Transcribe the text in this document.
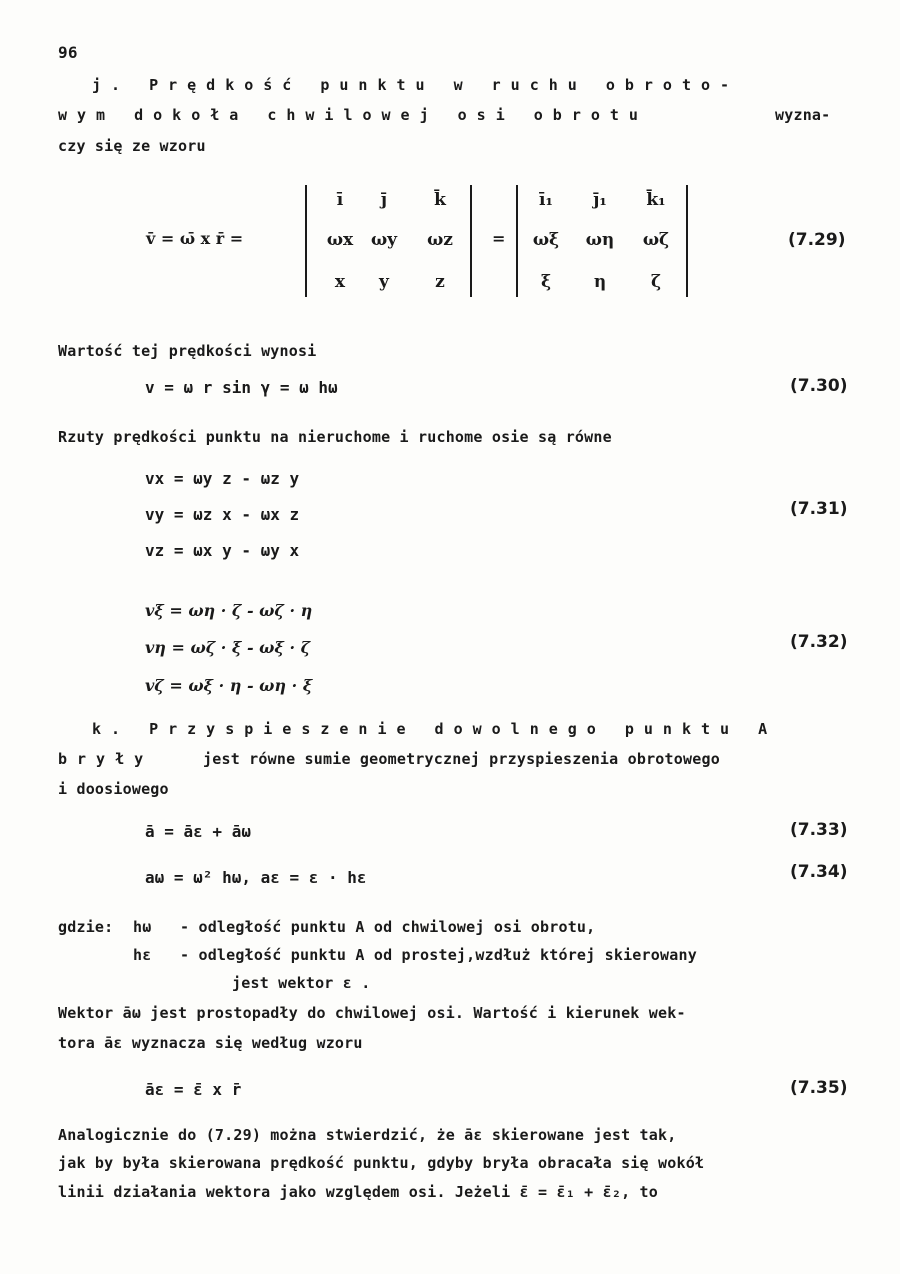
96
j. Prędkość punktu w ruchu obroto-
wym dokoła chwilowej osi obrotu	wyzna-
czy się ze wzoru
v̄ = ω̄ x r̄ =
ī	j̄	k̄
ωx	ωy	ωz
x	y	z
=
ī₁	j̄₁	k̄₁
ωξ	ωη	ωζ
ξ	η	ζ
(7.29)
Wartość tej prędkości wynosi
v = ω r sin γ = ω hω	(7.30)
Rzuty prędkości punktu na nieruchome i ruchome osie są równe
vx = ωy z - ωz y
vy = ωz x - ωx z
vz = ωx y - ωy x
(7.31)
vξ = ωη · ζ - ωζ · η
vη = ωζ · ξ - ωξ · ζ
vζ = ωξ · η - ωη · ξ
(7.32)
k. Przyspieszenie dowolnego punktu A
bryły	jest równe sumie geometrycznej przyspieszenia obrotowego
i doosiowego
ā = āε + āω	(7.33)
aω = ω² hω, aε = ε · hε	(7.34)
gdzie: hω - odległość punktu A od chwilowej osi obrotu,
hε - odległość punktu A od prostej,wzdłuż której skierowany
jest wektor ε .
Wektor āω jest prostopadły do chwilowej osi. Wartość i kierunek wek-
tora āε wyznacza się według wzoru
āε = ε̄ x r̄	(7.35)
Analogicznie do (7.29) można stwierdzić, że āε skierowane jest tak,
jak by była skierowana prędkość punktu, gdyby bryła obracała się wokół
linii działania wektora jako względem osi. Jeżeli ε̄ = ε̄₁ + ε̄₂, to
